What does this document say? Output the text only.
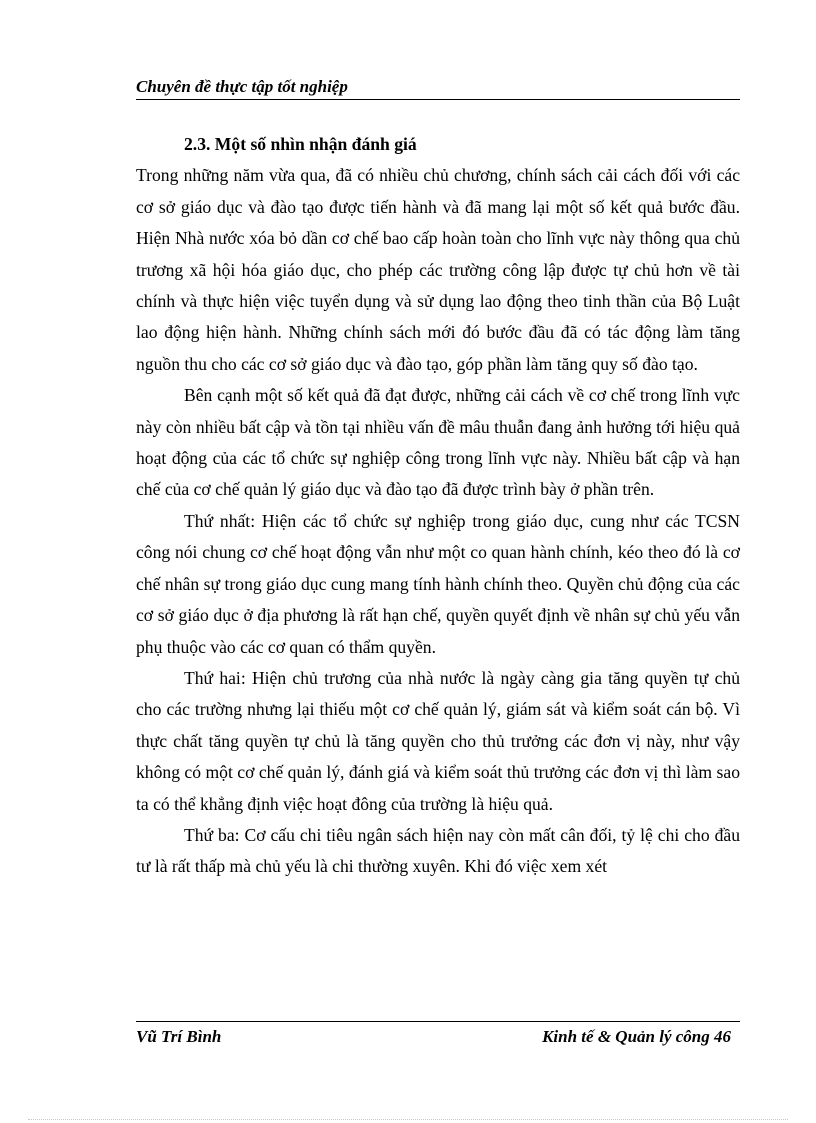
Chuyên đề thực tập tốt nghiệp

2.3. Một số nhìn nhận đánh giá

Trong những năm vừa qua, đã có nhiều chủ chương, chính sách cải cách đối với các cơ sở giáo dục và đào tạo được tiến hành và đã mang lại một số kết quả bước đầu. Hiện Nhà nước xóa bỏ dần cơ chế bao cấp hoàn toàn cho lĩnh vực này thông qua chủ trương xã hội hóa giáo dục, cho phép các trường công lập được tự chủ hơn về tài chính và thực hiện việc tuyển dụng và sử dụng lao động theo tinh thần của Bộ Luật lao động hiện hành. Những chính sách mới đó bước đầu đã có tác động làm tăng nguồn thu cho các cơ sở giáo dục và đào tạo, góp phần làm tăng quy số đào tạo.

Bên cạnh một số kết quả đã đạt được, những cải cách về cơ chế trong lĩnh vực này còn nhiều bất cập và tồn tại nhiều vấn đề mâu thuẫn đang ảnh hưởng tới hiệu quả hoạt động của các tổ chức sự nghiệp công trong lĩnh vực này. Nhiều bất cập và hạn chế của cơ chế quản lý giáo dục và đào tạo đã được trình bày ở phần trên.

Thứ nhất: Hiện các tổ chức sự nghiệp trong giáo dục, cung như các TCSN công nói chung cơ chế hoạt động vẫn như một co quan hành chính, kéo theo đó là cơ chế nhân sự trong giáo dục cung mang tính hành chính theo. Quyền chủ động của các cơ sở giáo dục ở địa phương là rất hạn chế, quyền quyết định về nhân sự chủ yếu vẫn phụ thuộc vào các cơ quan có thẩm quyền.

Thứ hai: Hiện chủ trương của nhà nước là ngày càng gia tăng quyền tự chủ cho các trường nhưng lại thiếu một cơ chế quản lý, giám sát và kiểm soát cán bộ. Vì thực chất tăng quyền tự chủ là tăng quyền cho thủ trưởng các đơn vị này, như vậy không có một cơ chế quản lý, đánh giá và kiểm soát thủ trưởng các đơn vị thì làm sao ta có thể khẳng định việc hoạt đông của trường là hiệu quả.

Thứ ba: Cơ cấu chi tiêu ngân sách hiện nay còn mất cân đối, tỷ lệ chi cho đầu tư là rất thấp mà chủ yếu là chi thường xuyên. Khi đó việc xem xét

Vũ Trí Bình	Kinh tế & Quản lý công 46
